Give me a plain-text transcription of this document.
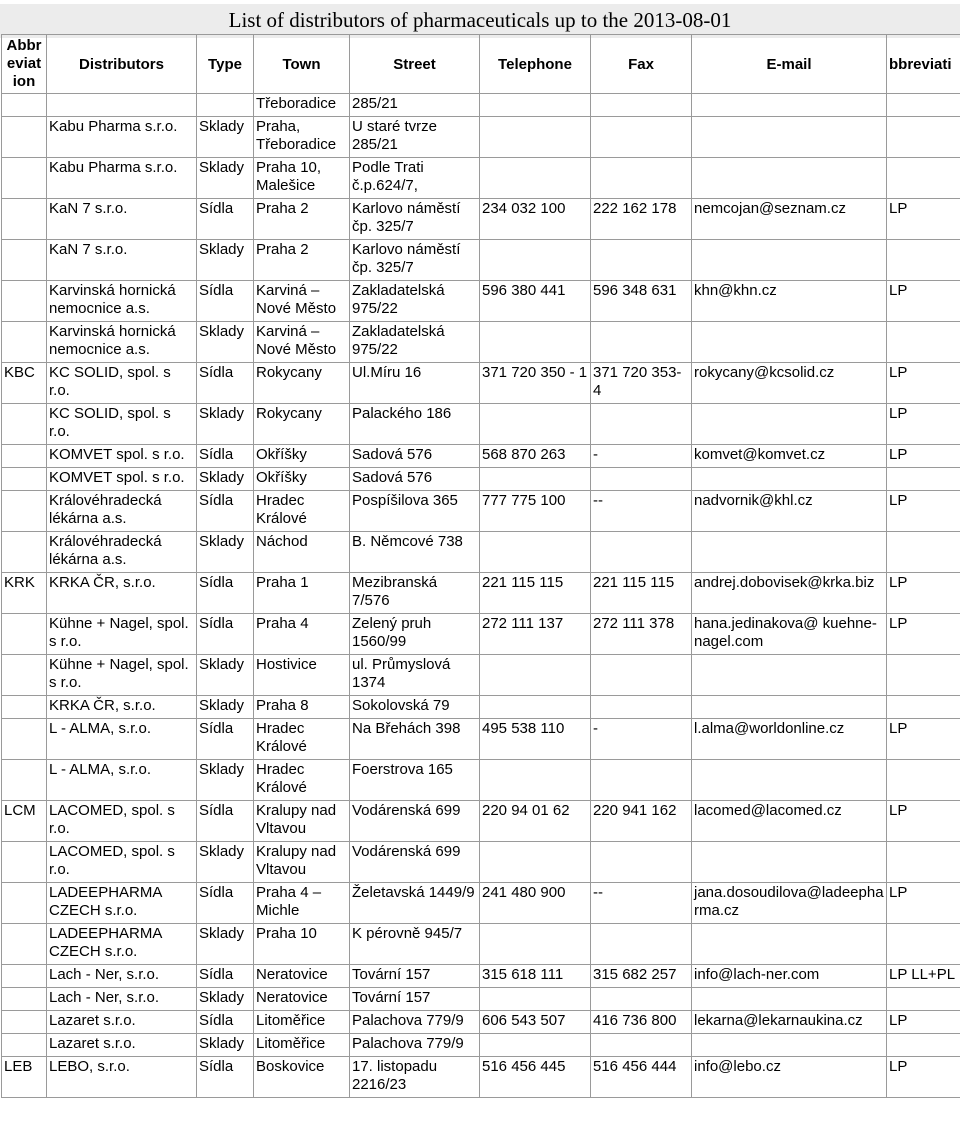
List of distributors of pharmaceuticals up to the 2013-08-01
Abbr eviat ion	Distributors	Type	Town	Street	Telephone	Fax	E-mail	bbreviati
			Třeboradice	285/21				
	Kabu Pharma s.r.o.	Sklady	Praha, Třeboradice	U staré tvrze 285/21				
	Kabu Pharma s.r.o.	Sklady	Praha 10, Malešice	Podle Trati č.p.624/7,				
	KaN 7 s.r.o.	Sídla	Praha 2	Karlovo náměstí čp. 325/7	234 032 100	222 162 178	nemcojan@seznam.cz	LP
	KaN 7 s.r.o.	Sklady	Praha 2	Karlovo náměstí čp. 325/7				
	Karvinská hornická nemocnice a.s.	Sídla	Karviná – Nové Město	Zakladatelská 975/22	596 380 441	596 348 631	khn@khn.cz	LP
	Karvinská hornická nemocnice a.s.	Sklady	Karviná – Nové Město	Zakladatelská 975/22				
KBC	KC SOLID, spol. s r.o.	Sídla	Rokycany	Ul.Míru 16	371 720 350 - 1	371 720 353- 4	rokycany@kcsolid.cz	LP
	KC SOLID, spol. s r.o.	Sklady	Rokycany	Palackého 186				LP
	KOMVET spol. s r.o.	Sídla	Okříšky	Sadová 576	568 870 263	-	komvet@komvet.cz	LP
	KOMVET spol. s r.o.	Sklady	Okříšky	Sadová 576				
	Královéhradecká lékárna a.s.	Sídla	Hradec Králové	Pospíšilova 365	777 775 100	--	nadvornik@khl.cz	LP
	Královéhradecká lékárna a.s.	Sklady	Náchod	B. Němcové 738				
KRK	KRKA ČR, s.r.o.	Sídla	Praha 1	Mezibranská 7/576	221 115 115	221 115 115	andrej.dobovisek@krka.biz	LP
	Kühne + Nagel, spol. s r.o.	Sídla	Praha 4	Zelený pruh 1560/99	272 111 137	272 111 378	hana.jedinakova@ kuehne-nagel.com	LP
	Kühne + Nagel, spol. s r.o.	Sklady	Hostivice	ul. Průmyslová 1374				
	KRKA ČR, s.r.o.	Sklady	Praha 8	Sokolovská 79				
	L - ALMA, s.r.o.	Sídla	Hradec Králové	Na Břehách 398	495 538 110	-	l.alma@worldonline.cz	LP
	L - ALMA, s.r.o.	Sklady	Hradec Králové	Foerstrova 165				
LCM	LACOMED, spol. s r.o.	Sídla	Kralupy nad Vltavou	Vodárenská 699	220 94 01 62	220 941 162	lacomed@lacomed.cz	LP
	LACOMED, spol. s r.o.	Sklady	Kralupy nad Vltavou	Vodárenská 699				
	LADEEPHARMA CZECH s.r.o.	Sídla	Praha 4 – Michle	Želetavská 1449/9	241 480 900	--	jana.dosoudilova@ladeepharma.cz	LP
	LADEEPHARMA CZECH s.r.o.	Sklady	Praha 10	K pérovně 945/7				
	Lach - Ner, s.r.o.	Sídla	Neratovice	Tovární 157	315 618 111	315 682 257	info@lach-ner.com	LP LL+PL
	Lach - Ner, s.r.o.	Sklady	Neratovice	Tovární 157				
	Lazaret s.r.o.	Sídla	Litoměřice	Palachova 779/9	606 543 507	416 736 800	lekarna@lekarnaukina.cz	LP
	Lazaret s.r.o.	Sklady	Litoměřice	Palachova 779/9				
LEB	LEBO, s.r.o.	Sídla	Boskovice	17. listopadu 2216/23	516 456 445	516 456 444	info@lebo.cz	LP
